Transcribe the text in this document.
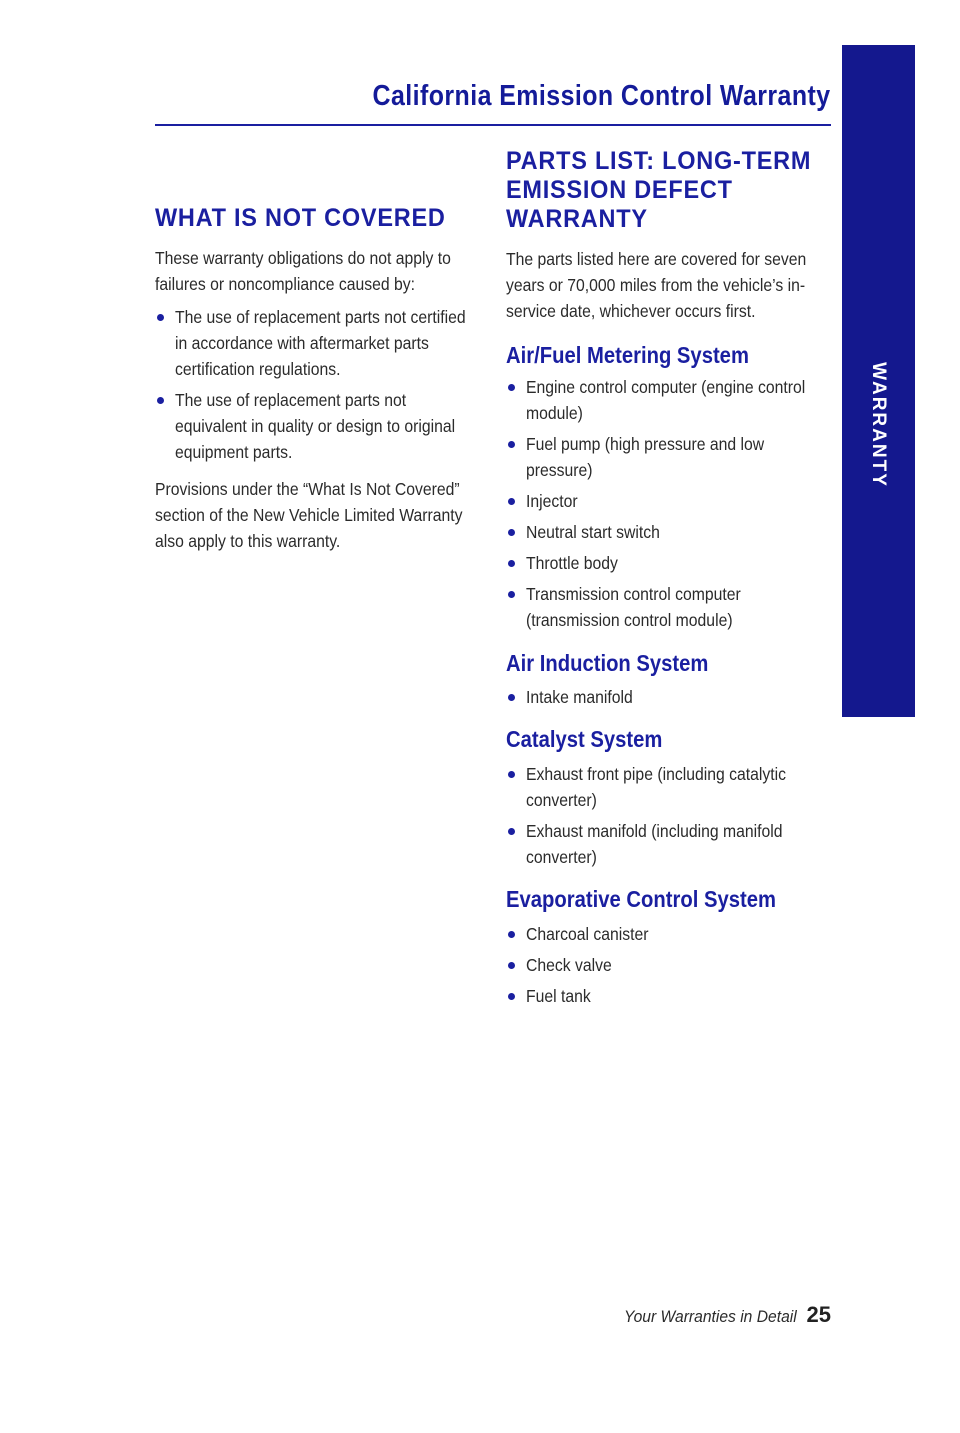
California Emission Control Warranty
WARRANTY
WHAT IS NOT COVERED

These warranty obligations do not apply to failures or noncompliance caused by:

The use of replacement parts not certified in accordance with aftermarket parts certification regulations.
The use of replacement parts not equivalent in quality or design to original equipment parts.

Provisions under the “What Is Not Covered” section of the New Vehicle Limited Warranty also apply to this warranty.

PARTS LIST: LONG-TERM EMISSION DEFECT WARRANTY

The parts listed here are covered for seven years or 70,000 miles from the vehicle’s in-service date, whichever occurs first.

Air/Fuel Metering System
Engine control computer (engine control module)
Fuel pump (high pressure and low pressure)
Injector
Neutral start switch
Throttle body
Transmission control computer (transmission control module)
Air Induction System
Intake manifold
Catalyst System
Exhaust front pipe (including catalytic converter)
Exhaust manifold (including manifold converter)
Evaporative Control System
Charcoal canister
Check valve
Fuel tank
Your Warranties in Detail 25
